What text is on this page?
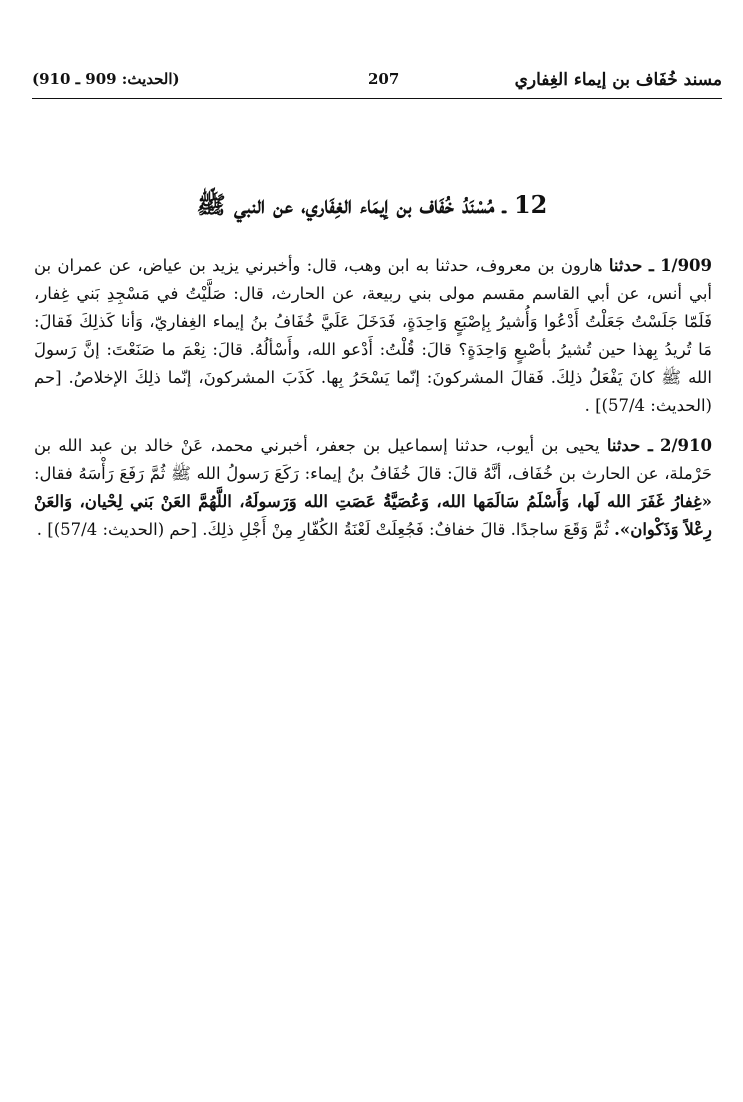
مسند خُفَاف بن إيماء الغِفاري
207
(الحديث: 909 ـ 910)
12 ـ مُسْنَدُ خُفَاف بن إيمَاء الغِفَاري، عن النبي ﷺ

1/909 ـ حدثنا هارون بن معروف، حدثنا به ابن وهب، قال: وأخبرني يزيد بن عياض، عن عمران بن أبي أنس، عن أبي القاسم مقسم مولى بني ربيعة، عن الحارث، قال: صَلَّيْتُ في مَسْجِدِ بَني غِفار، فَلَمّا جَلَسْتُ جَعَلْتُ أَدْعُوا وَأُشيرُ بِإصْبَعٍ وَاحِدَةٍ، فَدَخَلَ عَلَيَّ خُفَافُ بنُ إيماء الغِفاريّ، وَأنا كَذلِكَ فَقالَ: مَا تُريدُ بِهذا حين تُشيرُ بأصْبعٍ وَاحِدَةٍ؟ قالَ: قُلْتُ: أَدْعو الله، وأَسْألُهُ. قالَ: نِعْمَ ما صَنَعْتَ: إنَّ رَسولَ الله ﷺ كانَ يَفْعَلُ ذلِكَ. فَقالَ المشركونَ: إنّما يَسْحَرُ بِها. كَذَبَ المشركونَ، إنّما ذلِكَ الإخلاصُ. [حم (الحديث: 57/4)] .

2/910 ـ حدثنا يحيى بن أيوب، حدثنا إسماعيل بن جعفر، أخبرني محمد، عَنْ خالد بن عبد الله بن حَرْملة، عن الحارث بن خُفَاف، أنَّهُ قالَ: قالَ خُفَافُ بنُ إيماء: رَكَعَ رَسولُ الله ﷺ ثُمَّ رَفَعَ رَأْسَهُ فقال: «غِفارُ غَفَرَ الله لَها، وَأَسْلَمُ سَالَمَها الله، وَعُصَيَّةُ عَصَتِ الله وَرَسولَهُ، اللَّهُمَّ العَنْ بَني لِحْيان، وَالعَنْ رِعْلاً وَذَكْوان». ثُمَّ وَقَعَ ساجدًا. قالَ خفافٌ: فَجُعِلَتْ لَعْنَةُ الكُفّارِ مِنْ أَجْلِ ذلِكَ. [حم (الحديث: 57/4)] .
